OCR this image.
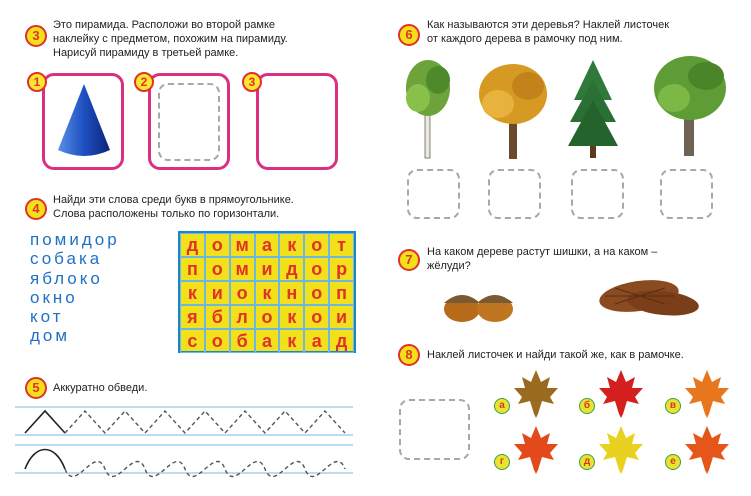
3
Это пирамида. Расположи во второй рамке
наклейку с предметом, похожим на пирамиду.
Нарисуй пирамиду в третьей рамке.
1	2	3
4
Найди эти слова среди букв в прямоугольнике.
Слова расположены только по горизонтали.
помидор
собака
яблоко
окно
кот
дом
д о м а к о т
п о м и д о р
к и о к н о п
я б л о к о и
с о б а к а д
5	Аккуратно обведи.
6
Как называются эти деревья? Наклей листочек
от каждого дерева в рамочку под ним.
7	На каком дереве растут шишки, а на каком –
жёлуди?
8	Наклей листочек и найди такой же, как в рамочке.
а	б	в
г	д	е
